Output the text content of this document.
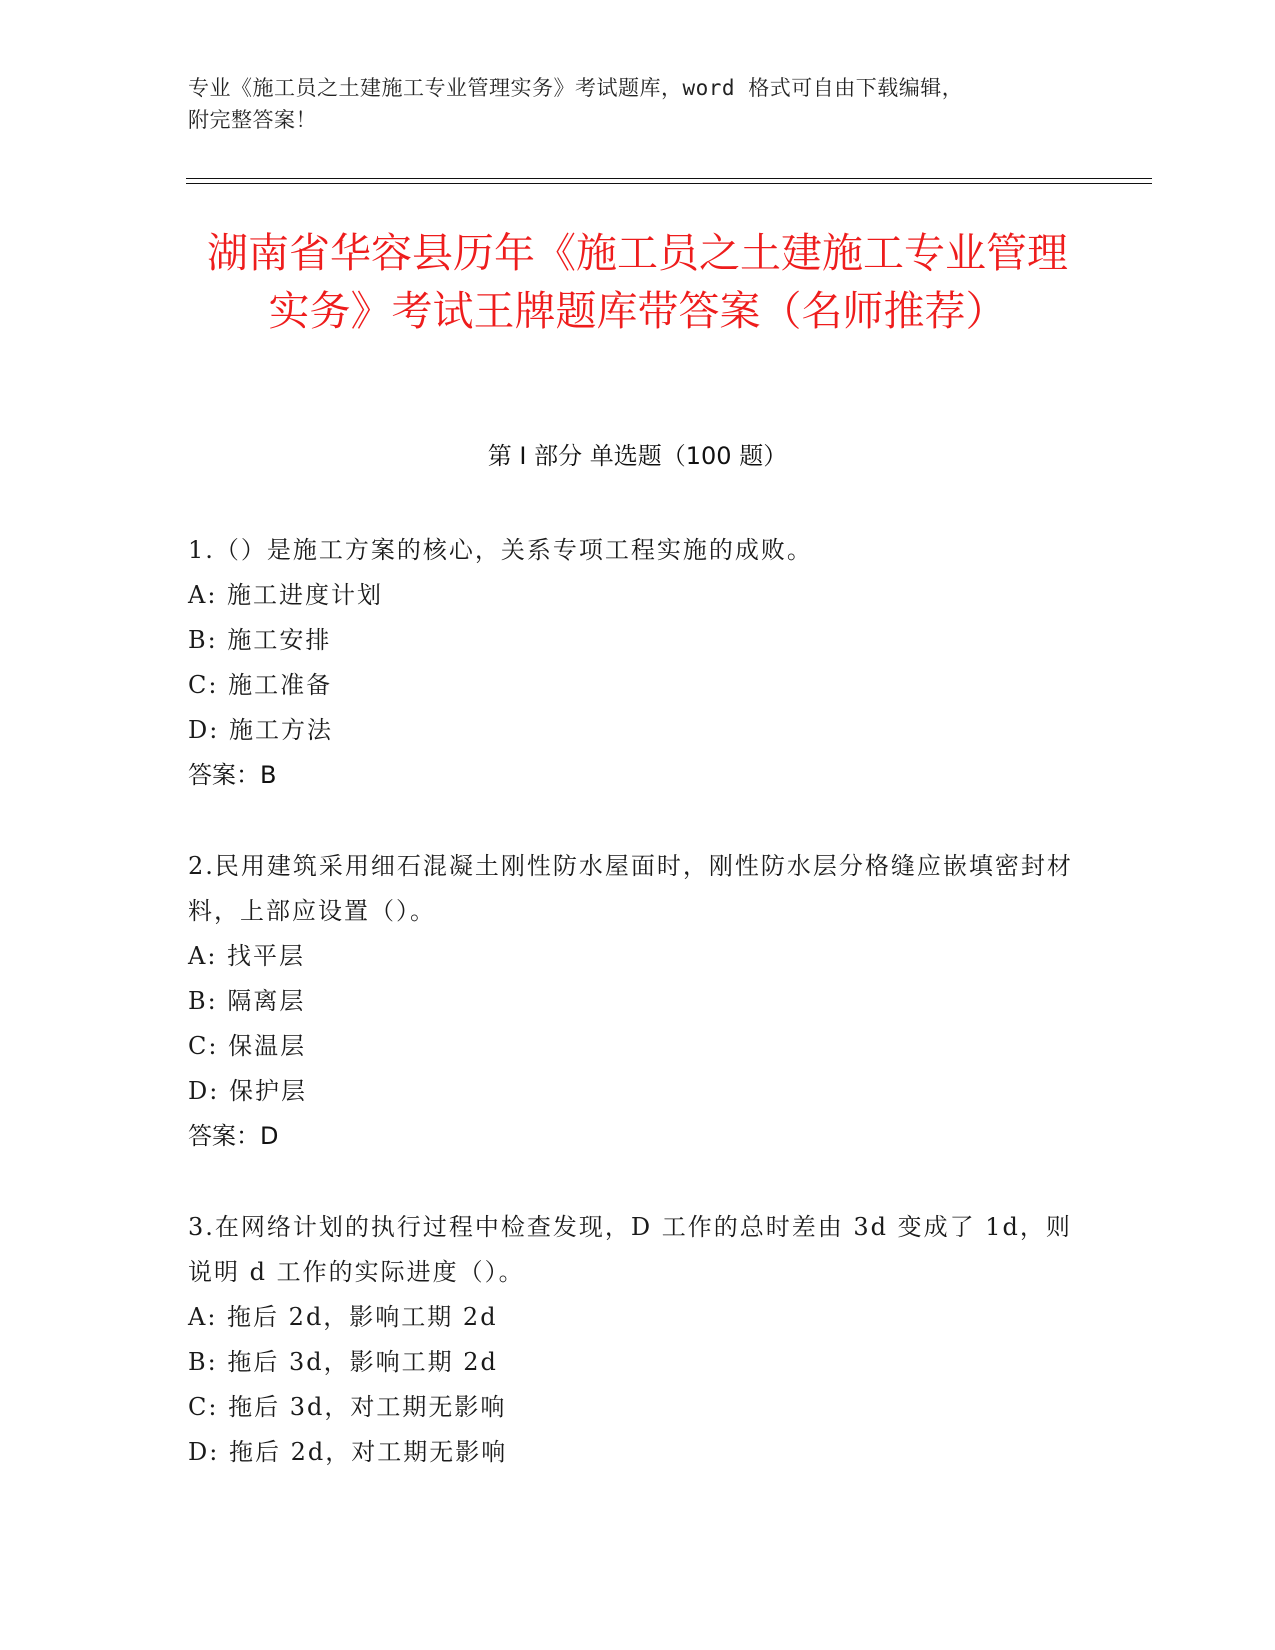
专业《施工员之土建施工专业管理实务》考试题库，word 格式可自由下载编辑，

附完整答案！

湖南省华容县历年《施工员之土建施工专业管理实务》考试王牌题库带答案（名师推荐）
第 I 部分 单选题（100 题）

1.（）是施工方案的核心，关系专项工程实施的成败。

A: 施工进度计划

B: 施工安排

C: 施工准备

D: 施工方法

答案：B

2.民用建筑采用细石混凝土刚性防水屋面时，刚性防水层分格缝应嵌填密封材料，上部应设置（）。

A: 找平层

B: 隔离层

C: 保温层

D: 保护层

答案：D

3.在网络计划的执行过程中检查发现，D 工作的总时差由 3d 变成了 1d，则说明 d 工作的实际进度（）。

A: 拖后 2d，影响工期 2d

B: 拖后 3d，影响工期 2d

C: 拖后 3d，对工期无影响

D: 拖后 2d，对工期无影响
